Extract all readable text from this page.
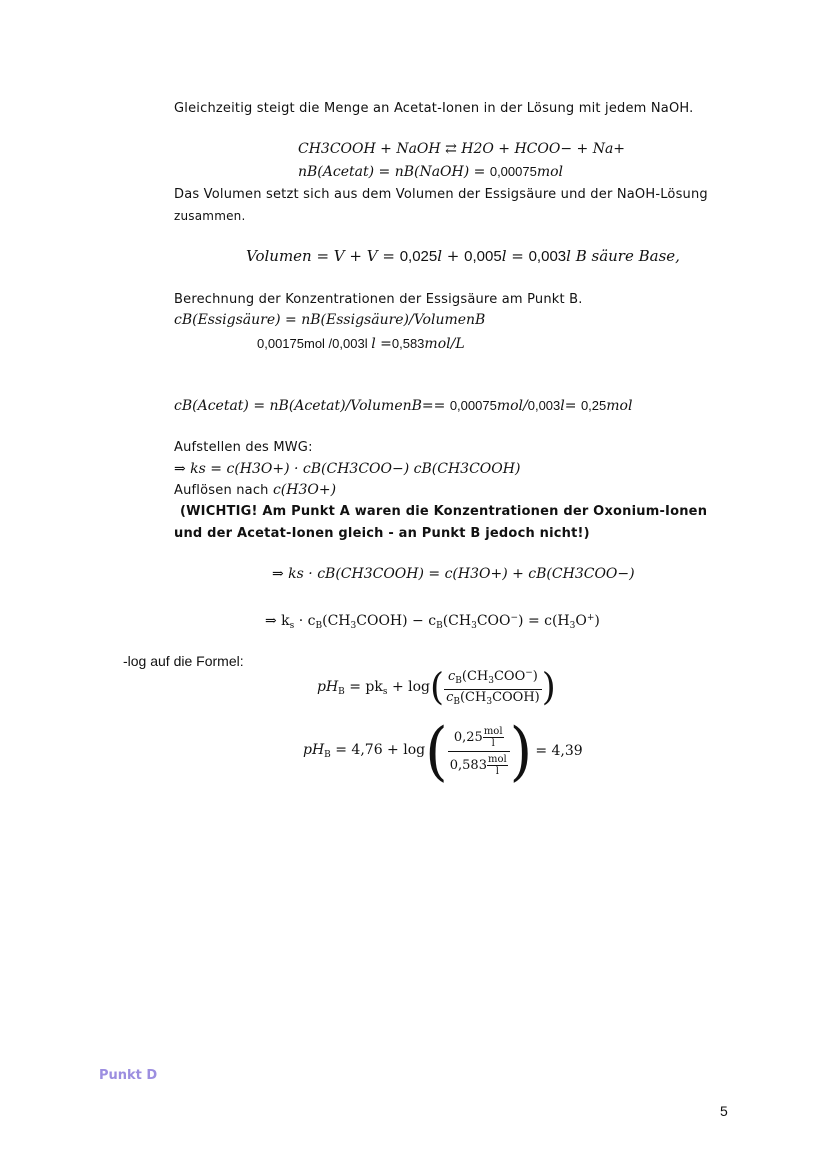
Gleichzeitig steigt die Menge an Acetat-Ionen in der Lösung mit jedem NaOH.
CH3COOH + NaOH ⇄ H2O + HCOO− + Na+
nB(Acetat) = nB(NaOH) = 0,00075mol
Das Volumen setzt sich aus dem Volumen der Essigsäure und der NaOH-Lösung
zusammen.
Volumen = V + V = 0,025l + 0,005l = 0,003l B säure Base,
Berechnung der Konzentrationen der Essigsäure am Punkt B.
cB(Essigsäure) = nB(Essigsäure)/VolumenB
0,00175mol /0,003l l =0,583mol/L
cB(Acetat) = nB(Acetat)/VolumenB== 0,00075mol/0,003l= 0,25mol
Aufstellen des MWG:
⇒ ks = c(H3O+) · cB(CH3COO−) cB(CH3COOH)
Auflösen nach c(H3O+)
(WICHTIG! Am Punkt A waren die Konzentrationen der Oxonium-Ionen
und der Acetat-Ionen gleich - an Punkt B jedoch nicht!)
⇒ ks · cB(CH3COOH) = c(H3O+) + cB(CH3COO−)
⇒ $k_s$ · $c_B(CH_3COOH) - c_B(CH_3COO^-) = c(H_3O^+)$
-log auf die Formel:
$pH_B = pk_s + \log( \frac{c_B(CH_3COO^-)}{c_B(CH_3COOH)}$ )
$pH_B = 4,76 + \log( \frac{0,25 \frac{\text{mol}}{l}}{0,583 \frac{\text{mol}}{l}}$ ) = 4,39
Punkt D
5
